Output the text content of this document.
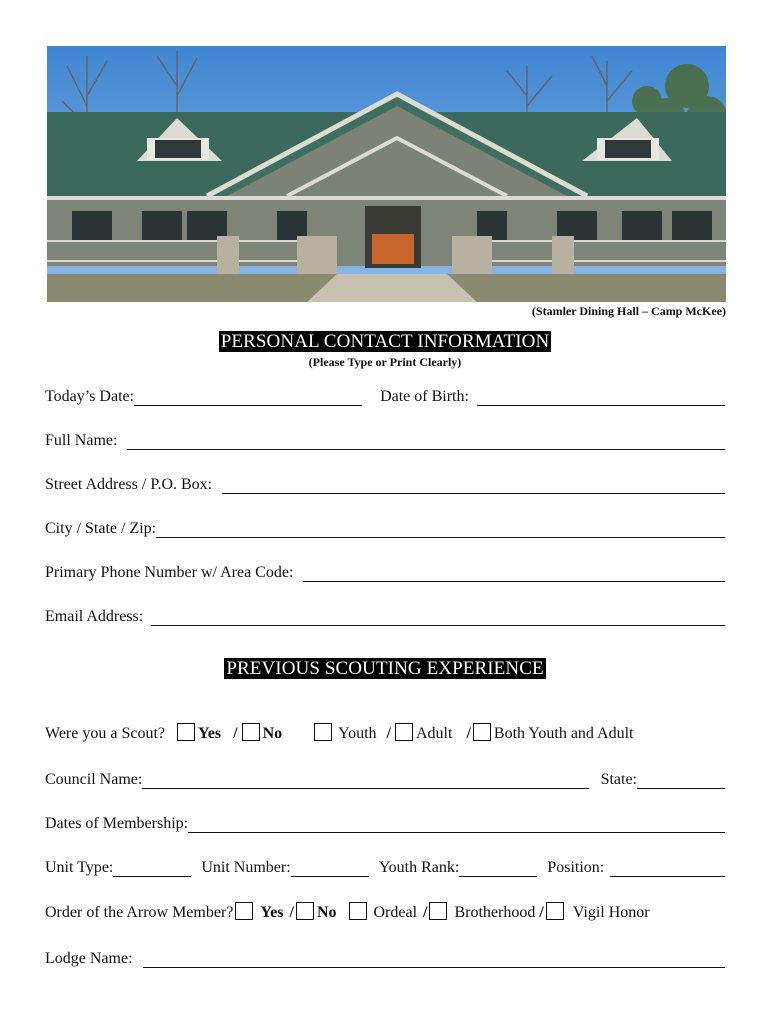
(Stamler Dining Hall – Camp McKee)
PERSONAL CONTACT INFORMATION
(Please Type or Print Clearly)
Today’s Date:	Date of Birth:
Full Name:
Street Address / P.O. Box:
City / State / Zip:
Primary Phone Number w/ Area Code:
Email Address:
PREVIOUS SCOUTING EXPERIENCE
Were you a Scout? Yes / No	Youth / Adult / Both Youth and Adult
Council Name:	State:
Dates of Membership:
Unit Type:	Unit Number:	Youth Rank:	Position:
Order of the Arrow Member? Yes / No Ordeal / Brotherhood / Vigil Honor
Lodge Name:
